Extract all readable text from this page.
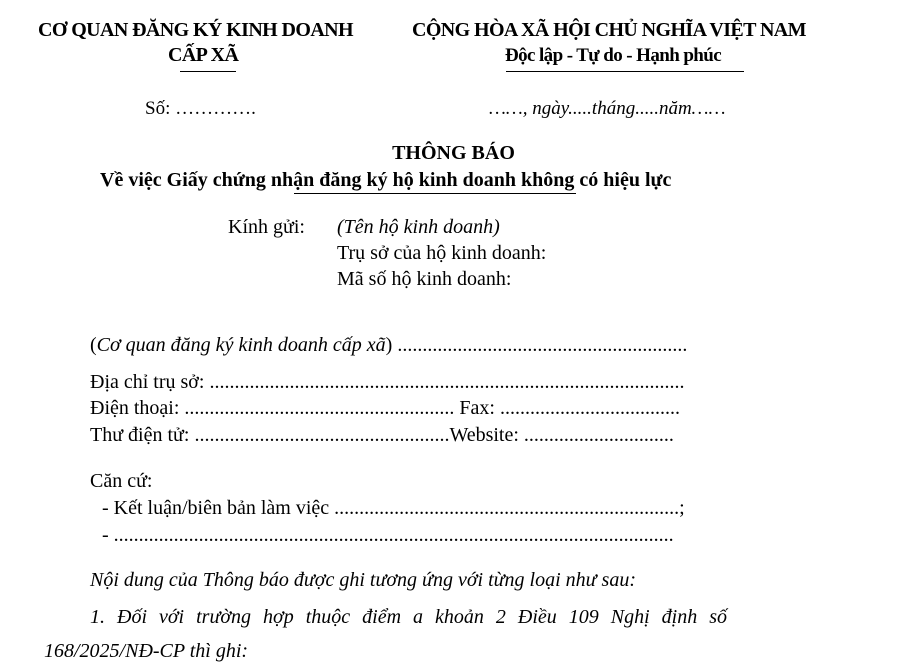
CƠ QUAN ĐĂNG KÝ KINH DOANH
CẤP XÃ
CỘNG HÒA XÃ HỘI CHỦ NGHĨA VIỆT NAM
Độc lập - Tự do - Hạnh phúc
Số: ………….	……, ngày.....tháng.....năm……
THÔNG BÁO
Về việc Giấy chứng nhận đăng ký hộ kinh doanh không có hiệu lực
Kính gửi: (Tên hộ kinh doanh)
Trụ sở của hộ kinh doanh:
Mã số hộ kinh doanh:
(Cơ quan đăng ký kinh doanh cấp xã) ..........................................................
Địa chỉ trụ sở: ...............................................................................................
Điện thoại: ...................................................... Fax: ....................................
Thư điện tử: ...................................................Website: ..............................
Căn cứ:
- Kết luận/biên bản làm việc .....................................................................;
- ................................................................................................................
Nội dung của Thông báo được ghi tương ứng với từng loại như sau:
1. Đối với trường hợp thuộc điểm a khoản 2 Điều 109 Nghị định số
168/2025/NĐ-CP thì ghi:
